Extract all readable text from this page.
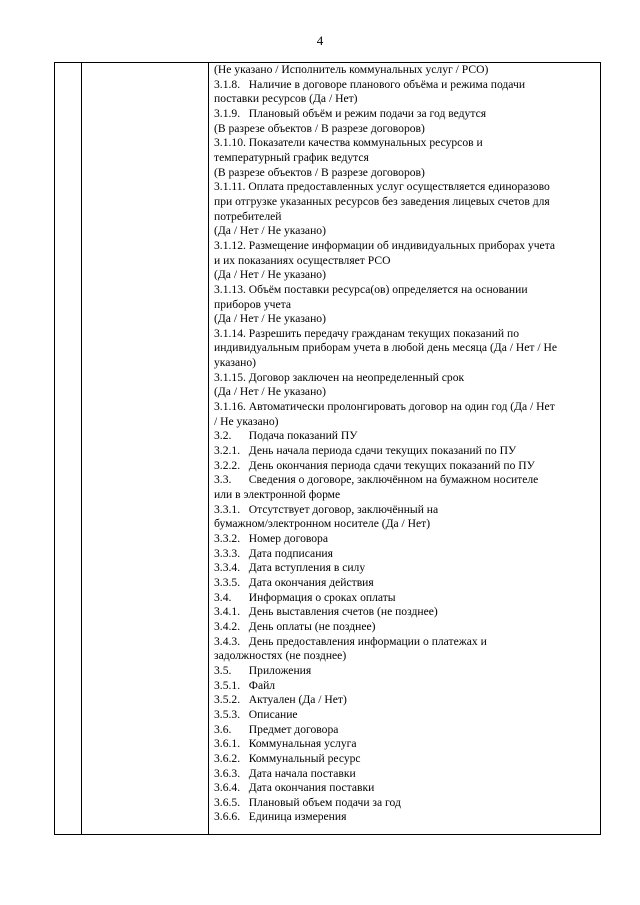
4
(Не указано / Исполнитель коммунальных услуг / РСО)
3.1.8.   Наличие в договоре планового объёма и режима подачи
поставки ресурсов (Да / Нет)
3.1.9.   Плановый объём и режим подачи за год ведутся
(В разрезе объектов / В разрезе договоров)
3.1.10. Показатели качества коммунальных ресурсов и
температурный график ведутся
(В разрезе объектов / В разрезе договоров)
3.1.11. Оплата предоставленных услуг осуществляется единоразово
при отгрузке указанных ресурсов без заведения лицевых счетов для
потребителей
(Да / Нет / Не указано)
3.1.12. Размещение информации об индивидуальных приборах учета
и их показаниях осуществляет РСО
(Да / Нет / Не указано)
3.1.13. Объём поставки ресурса(ов) определяется на основании
приборов учета
(Да / Нет / Не указано)
3.1.14. Разрешить передачу гражданам текущих показаний по
индивидуальным приборам учета в любой день месяца (Да / Нет / Не
указано)
3.1.15. Договор заключен на неопределенный срок
(Да / Нет / Не указано)
3.1.16. Автоматически пролонгировать договор на один год (Да / Нет
/ Не указано)
3.2.      Подача показаний ПУ
3.2.1.   День начала периода сдачи текущих показаний по ПУ
3.2.2.   День окончания периода сдачи текущих показаний по ПУ
3.3.      Сведения о договоре, заключённом на бумажном носителе
или в электронной форме
3.3.1.   Отсутствует договор, заключённый на
бумажном/электронном носителе (Да / Нет)
3.3.2.   Номер договора
3.3.3.   Дата подписания
3.3.4.   Дата вступления в силу
3.3.5.   Дата окончания действия
3.4.      Информация о сроках оплаты
3.4.1.   День выставления счетов (не позднее)
3.4.2.   День оплаты (не позднее)
3.4.3.   День предоставления информации о платежах и
задолжностях (не позднее)
3.5.      Приложения
3.5.1.   Файл
3.5.2.   Актуален (Да / Нет)
3.5.3.   Описание
3.6.      Предмет договора
3.6.1.   Коммунальная услуга
3.6.2.   Коммунальный ресурс
3.6.3.   Дата начала поставки
3.6.4.   Дата окончания поставки
3.6.5.   Плановый объем подачи за год
3.6.6.   Единица измерения
